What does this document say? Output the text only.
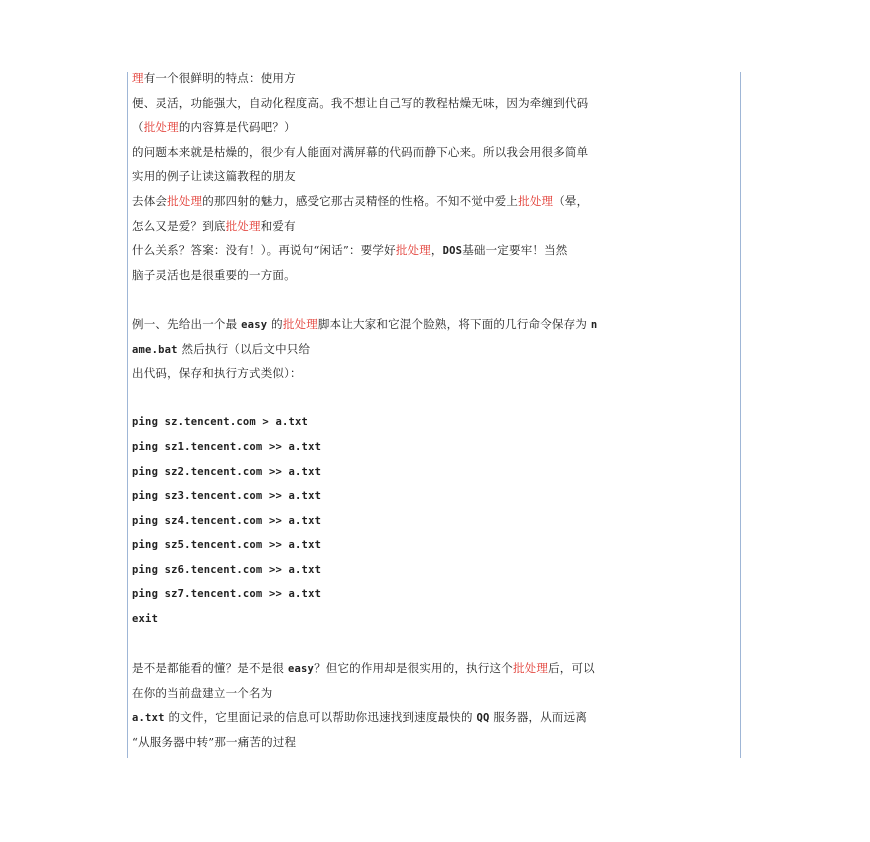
理有一个很鲜明的特点：使用方
便、灵活，功能强大，自动化程度高。我不想让自己写的教程枯燥无味，因为牵缠到代码
（批处理的内容算是代码吧？）
的问题本来就是枯燥的，很少有人能面对满屏幕的代码而静下心来。所以我会用很多简单
实用的例子让读这篇教程的朋友
去体会批处理的那四射的魅力，感受它那古灵精怪的性格。不知不觉中爱上批处理（晕，
怎么又是爱？到底批处理和爱有
什么关系？答案：没有！）。再说句“闲话”：要学好批处理，DOS基础一定要牢！当然
脑子灵活也是很重要的一方面。
例一、先给出一个最 easy 的批处理脚本让大家和它混个脸熟，将下面的几行命令保存为 n
ame.bat 然后执行（以后文中只给
出代码，保存和执行方式类似）：
ping sz.tencent.com > a.txt
ping sz1.tencent.com >> a.txt
ping sz2.tencent.com >> a.txt
ping sz3.tencent.com >> a.txt
ping sz4.tencent.com >> a.txt
ping sz5.tencent.com >> a.txt
ping sz6.tencent.com >> a.txt
ping sz7.tencent.com >> a.txt
exit
是不是都能看的懂？是不是很 easy？但它的作用却是很实用的，执行这个批处理后，可以
在你的当前盘建立一个名为
a.txt 的文件，它里面记录的信息可以帮助你迅速找到速度最快的 QQ 服务器，从而远离
“从服务器中转”那一痛苦的过程
